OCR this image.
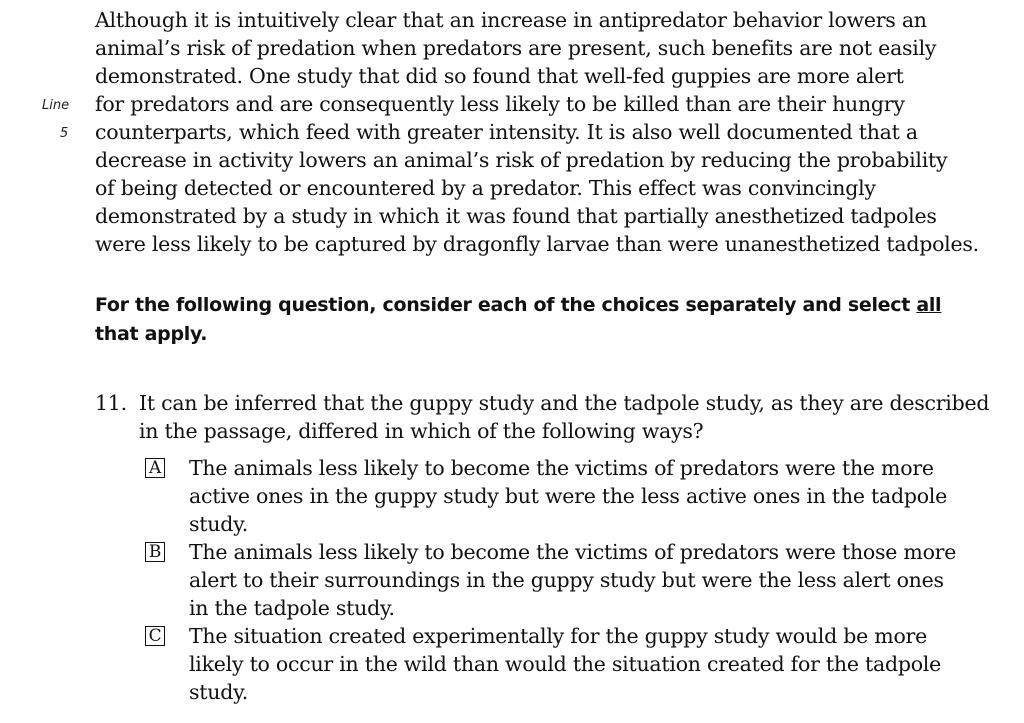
Although it is intuitively clear that an increase in antipredator behavior lowers an
animal’s risk of predation when predators are present, such benefits are not easily
demonstrated. One study that did so found that well-fed guppies are more alert
Line for predators and are consequently less likely to be killed than are their hungry
5 counterparts, which feed with greater intensity. It is also well documented that a
decrease in activity lowers an animal’s risk of predation by reducing the probability
of being detected or encountered by a predator. This effect was convincingly
demonstrated by a study in which it was found that partially anesthetized tadpoles
were less likely to be captured by dragonfly larvae than were unanesthetized tadpoles.
For the following question, consider each of the choices separately and select all
that apply.
11. It can be inferred that the guppy study and the tadpole study, as they are described
in the passage, differed in which of the following ways?
A The animals less likely to become the victims of predators were the more
active ones in the guppy study but were the less active ones in the tadpole
study.
B The animals less likely to become the victims of predators were those more
alert to their surroundings in the guppy study but were the less alert ones
in the tadpole study.
C The situation created experimentally for the guppy study would be more
likely to occur in the wild than would the situation created for the tadpole
study.
